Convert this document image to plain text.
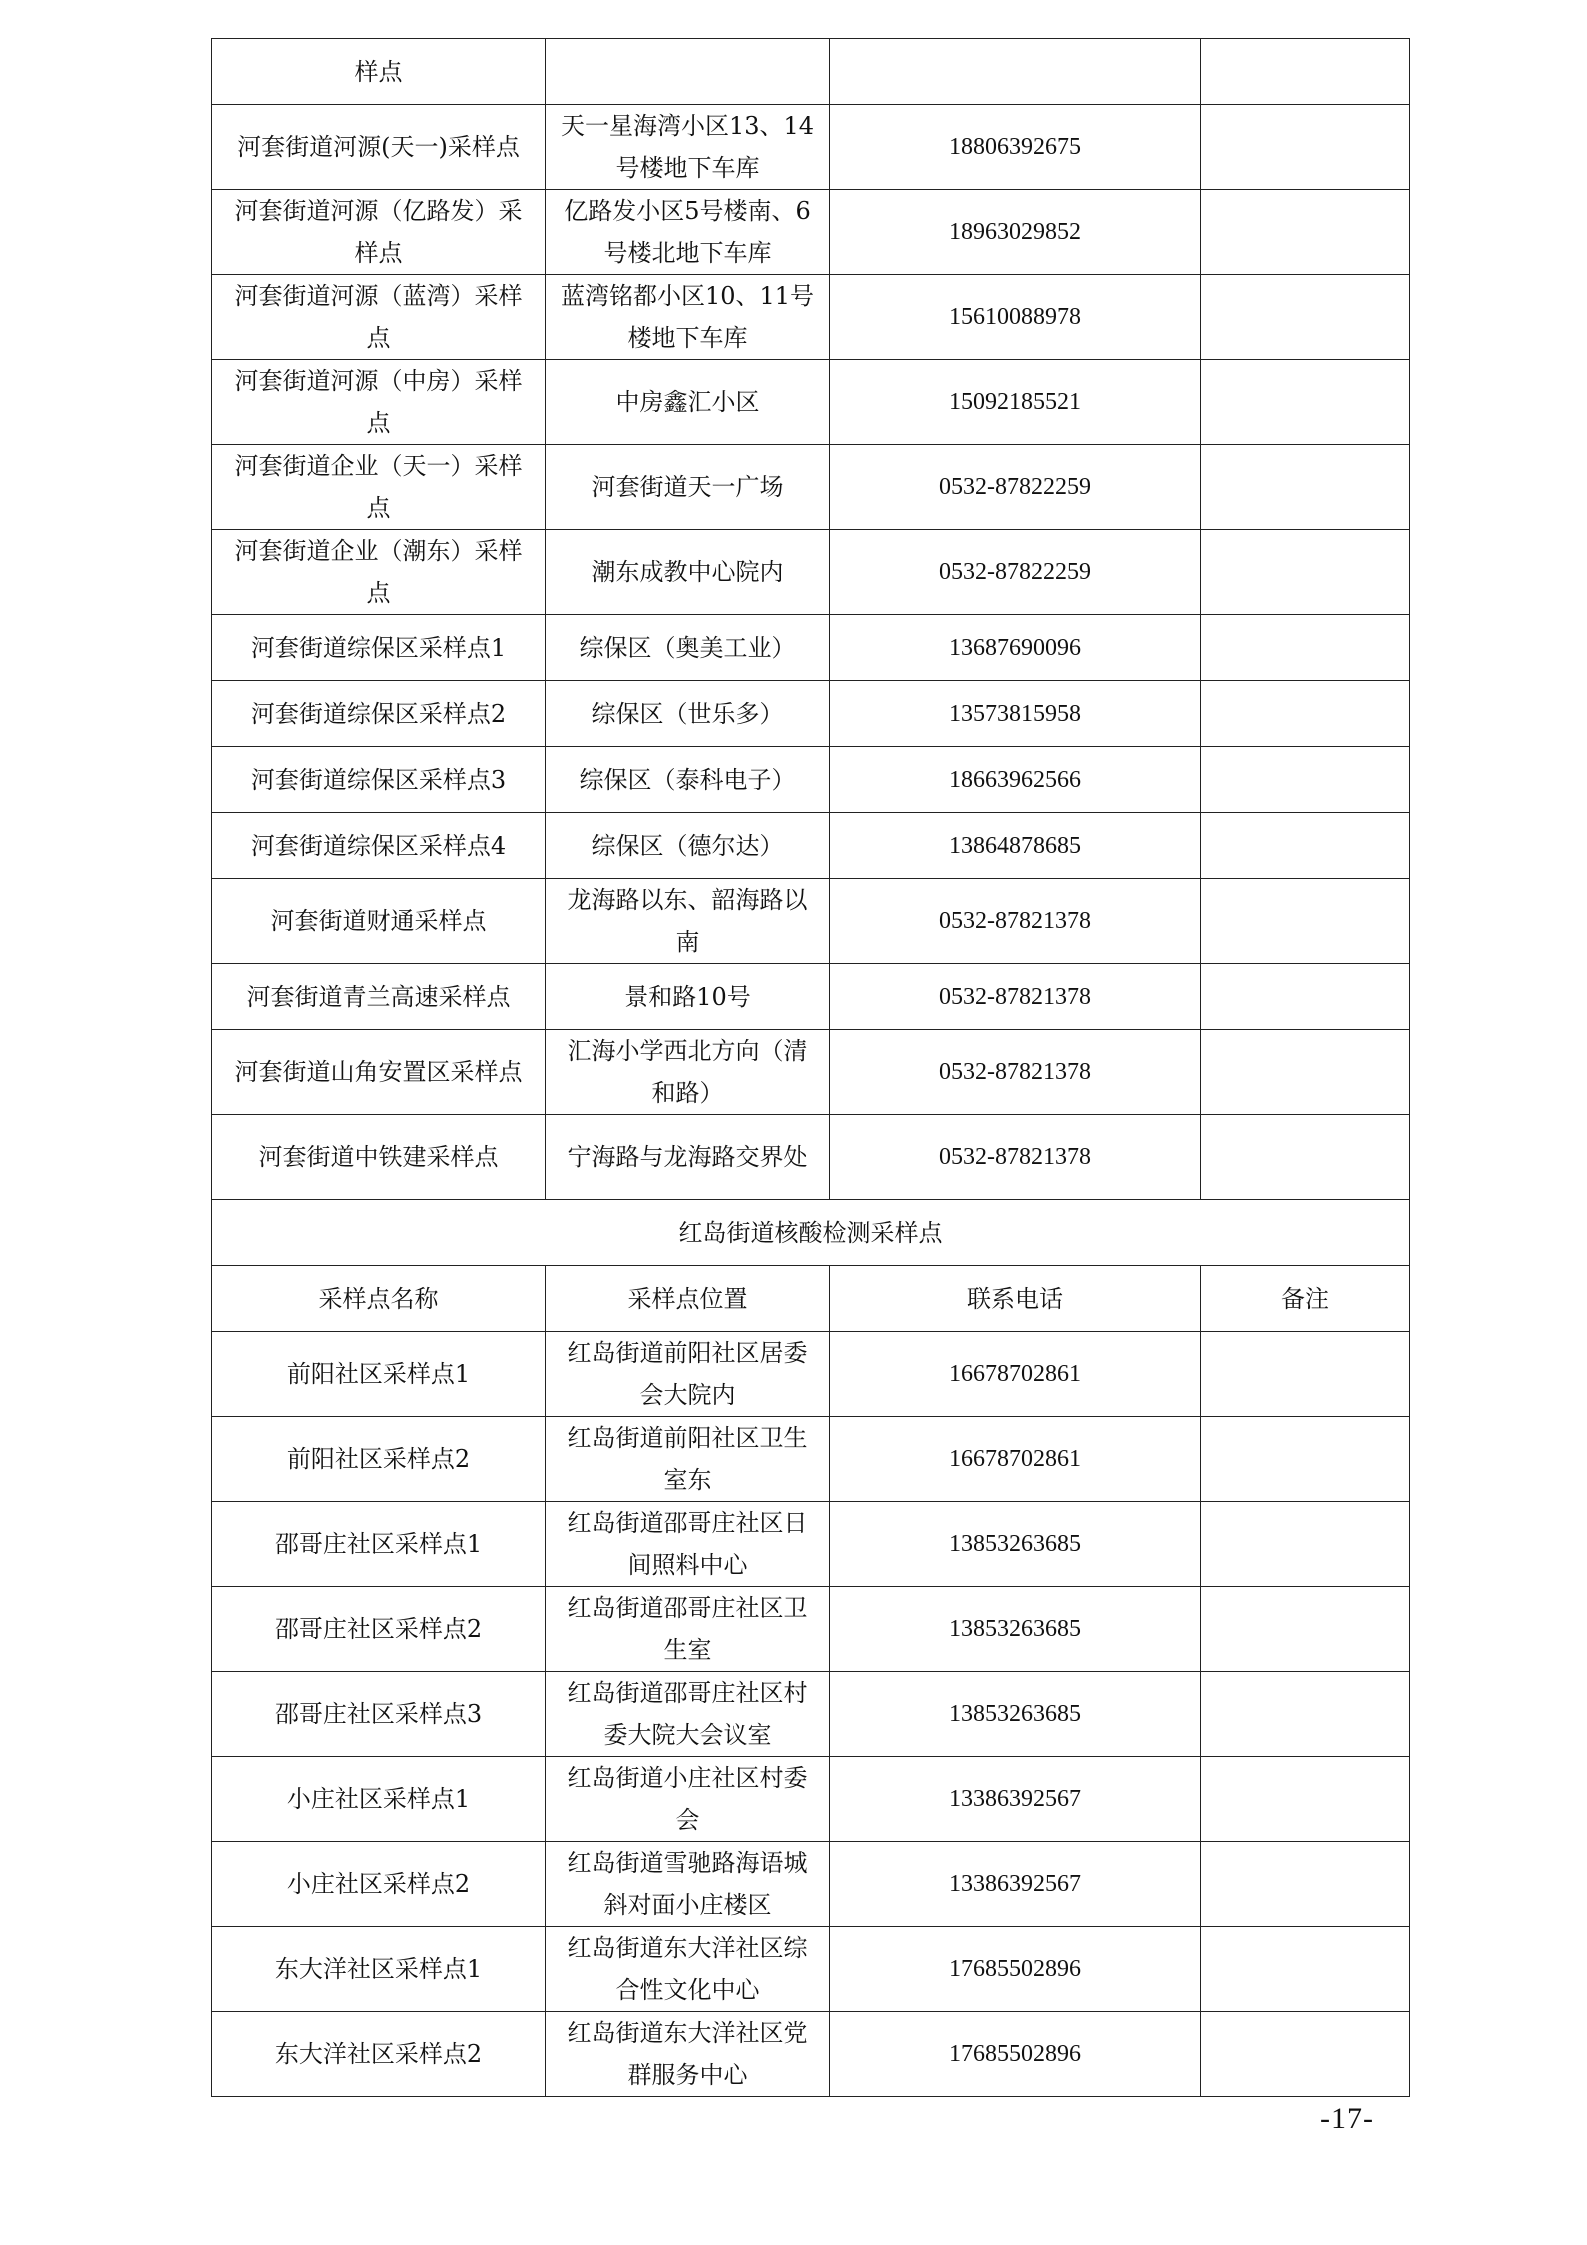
样点			
河套街道河源(天一)采样点	天一星海湾小区13、14号楼地下车库	18806392675	
河套街道河源（亿路发）采样点	亿路发小区5号楼南、6号楼北地下车库	18963029852	
河套街道河源（蓝湾）采样点	蓝湾铭都小区10、11号楼地下车库	15610088978	
河套街道河源（中房）采样点	中房鑫汇小区	15092185521	
河套街道企业（天一）采样点	河套街道天一广场	0532-87822259	
河套街道企业（潮东）采样点	潮东成教中心院内	0532-87822259	
河套街道综保区采样点1	综保区（奥美工业）	13687690096	
河套街道综保区采样点2	综保区（世乐多）	13573815958	
河套街道综保区采样点3	综保区（泰科电子）	18663962566	
河套街道综保区采样点4	综保区（德尔达）	13864878685	
河套街道财通采样点	龙海路以东、韶海路以南	0532-87821378	
河套街道青兰高速采样点	景和路10号	0532-87821378	
河套街道山角安置区采样点	汇海小学西北方向（清和路）	0532-87821378	
河套街道中铁建采样点	宁海路与龙海路交界处	0532-87821378	
红岛街道核酸检测采样点			
采样点名称	采样点位置	联系电话	备注
前阳社区采样点1	红岛街道前阳社区居委会大院内	16678702861	
前阳社区采样点2	红岛街道前阳社区卫生室东	16678702861	
邵哥庄社区采样点1	红岛街道邵哥庄社区日间照料中心	13853263685	
邵哥庄社区采样点2	红岛街道邵哥庄社区卫生室	13853263685	
邵哥庄社区采样点3	红岛街道邵哥庄社区村委大院大会议室	13853263685	
小庄社区采样点1	红岛街道小庄社区村委会	13386392567	
小庄社区采样点2	红岛街道雪驰路海语城斜对面小庄楼区	13386392567	
东大洋社区采样点1	红岛街道东大洋社区综合性文化中心	17685502896	
东大洋社区采样点2	红岛街道东大洋社区党群服务中心	17685502896	
-17-
